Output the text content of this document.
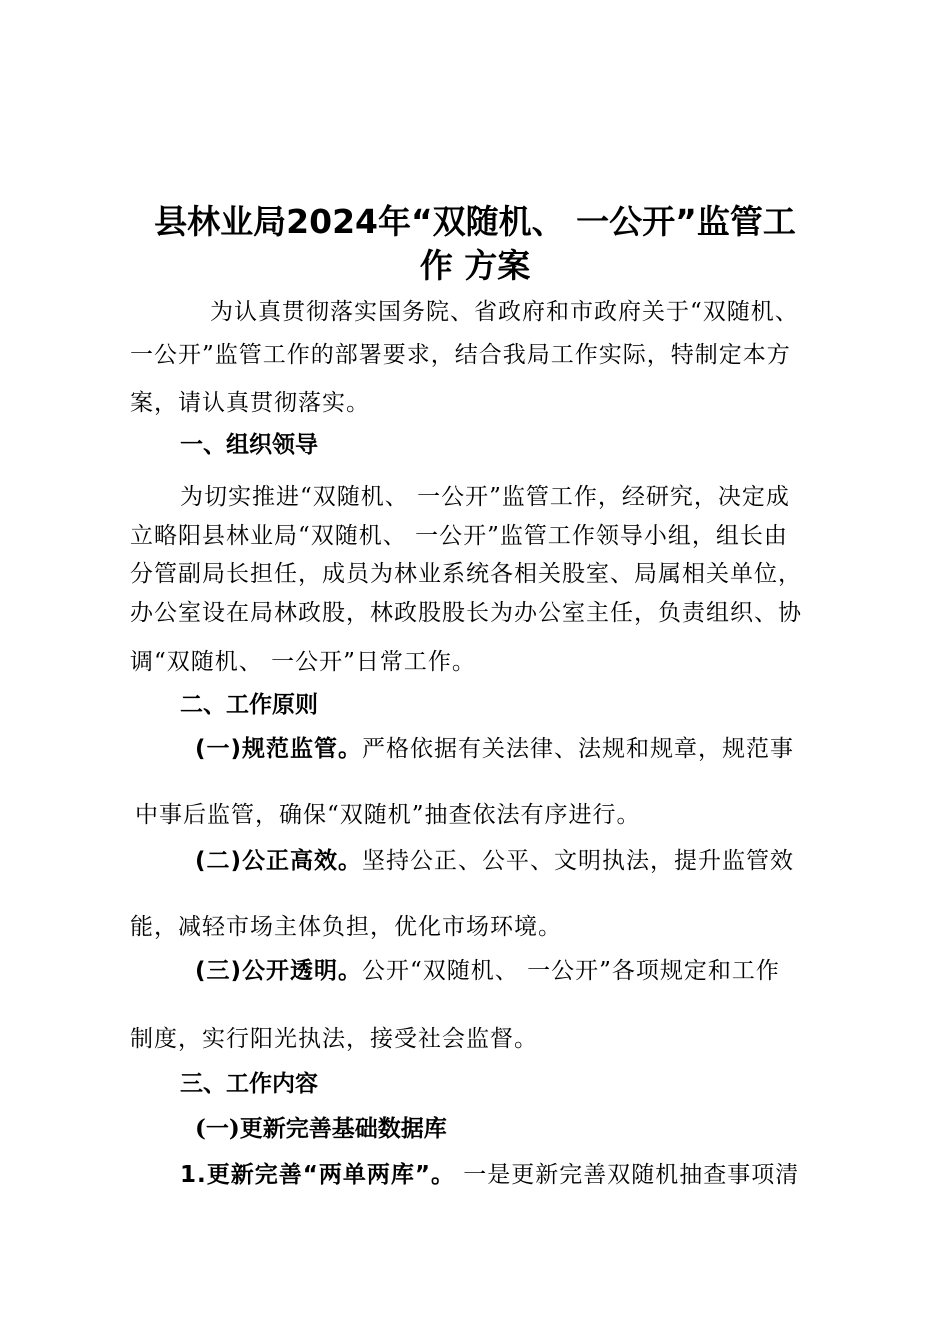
县林业局2024年“双随机、 一公开”监管工
作 方案

为认真贯彻落实国务院、省政府和市政府关于“双随机、

一公开”监管工作的部署要求，结合我局工作实际，特制定本方

案，请认真贯彻落实。

一、组织领导

为切实推进“双随机、 一公开”监管工作，经研究，决定成

立略阳县林业局“双随机、 一公开”监管工作领导小组，组长由

分管副局长担任，成员为林业系统各相关股室、局属相关单位，

办公室设在局林政股，林政股股长为办公室主任，负责组织、协

调“双随机、 一公开”日常工作。

二、工作原则

(一)规范监管。严格依据有关法律、法规和规章，规范事

中事后监管，确保“双随机”抽查依法有序进行。

(二)公正高效。坚持公正、公平、文明执法，提升监管效

能，减轻市场主体负担，优化市场环境。

(三)公开透明。公开“双随机、 一公开”各项规定和工作

制度，实行阳光执法，接受社会监督。

三、工作内容

(一)更新完善基础数据库

1.更新完善“两单两库”。 一是更新完善双随机抽查事项清
